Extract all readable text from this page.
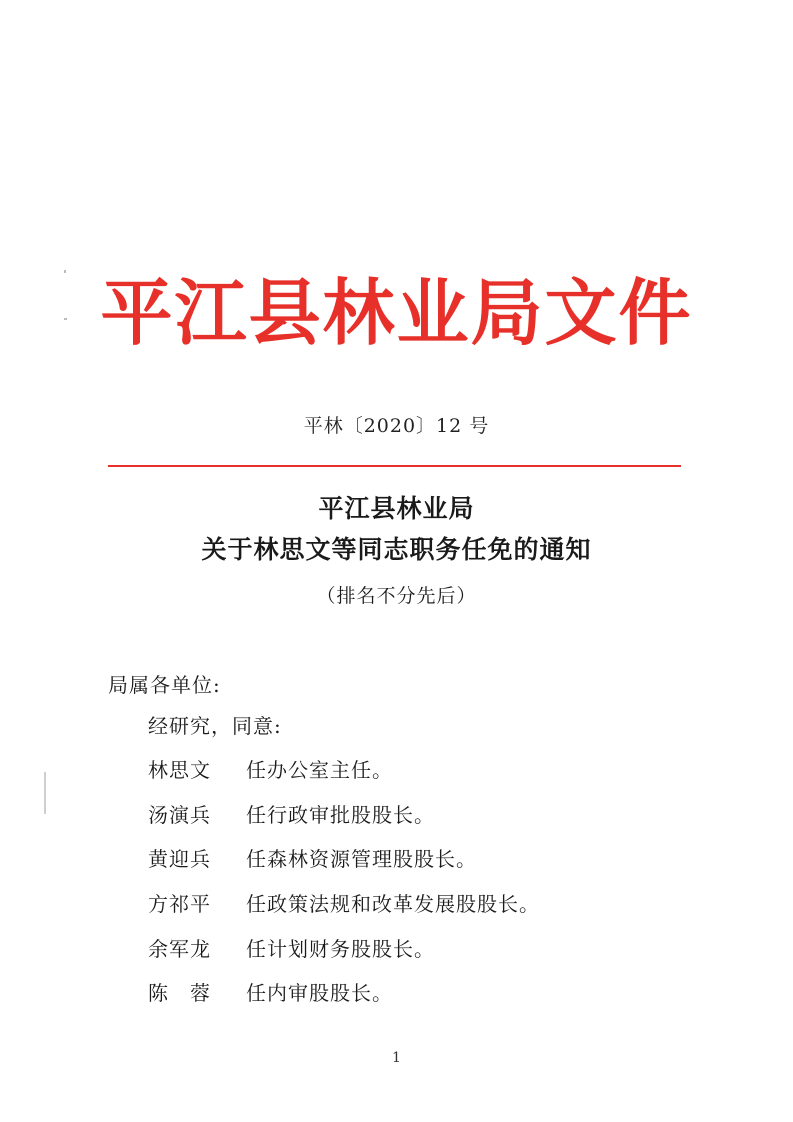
平江县林业局文件
平林〔2020〕12 号
平江县林业局
关于林思文等同志职务任免的通知
（排名不分先后）
局属各单位:
经研究，同意:
林思文	任办公室主任。
汤演兵	任行政审批股股长。
黄迎兵	任森林资源管理股股长。
方祁平	任政策法规和改革发展股股长。
余军龙	任计划财务股股长。
陈　蓉	任内审股股长。
1
